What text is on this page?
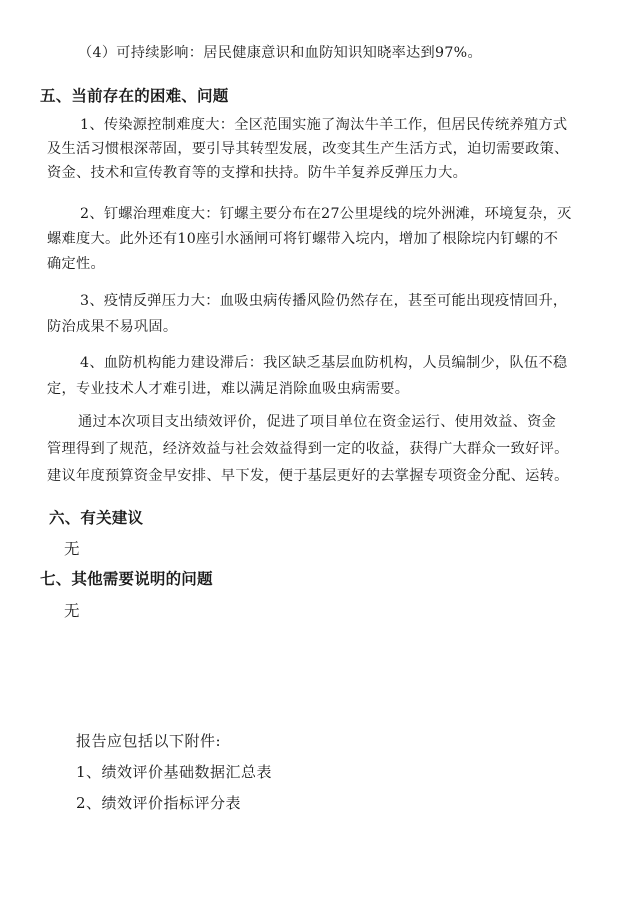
（4）可持续影响：居民健康意识和血防知识知晓率达到97%。
五、当前存在的困难、问题
1、传染源控制难度大：全区范围实施了淘汰牛羊工作，但居民传统养殖方式
及生活习惯根深蒂固，要引导其转型发展，改变其生产生活方式，迫切需要政策、
资金、技术和宣传教育等的支撑和扶持。防牛羊复养反弹压力大。
2、钉螺治理难度大：钉螺主要分布在27公里堤线的垸外洲滩，环境复杂，灭
螺难度大。此外还有10座引水涵闸可将钉螺带入垸内，增加了根除垸内钉螺的不
确定性。
3、疫情反弹压力大：血吸虫病传播风险仍然存在，甚至可能出现疫情回升，
防治成果不易巩固。
4、血防机构能力建设滞后：我区缺乏基层血防机构，人员编制少，队伍不稳
定，专业技术人才难引进，难以满足消除血吸虫病需要。
通过本次项目支出绩效评价，促进了项目单位在资金运行、使用效益、资金
管理得到了规范，经济效益与社会效益得到一定的收益，获得广大群众一致好评。
建议年度预算资金早安排、早下发，便于基层更好的去掌握专项资金分配、运转。
六、有关建议
无
七、其他需要说明的问题
无
报告应包括以下附件:
1、绩效评价基础数据汇总表
2、绩效评价指标评分表
